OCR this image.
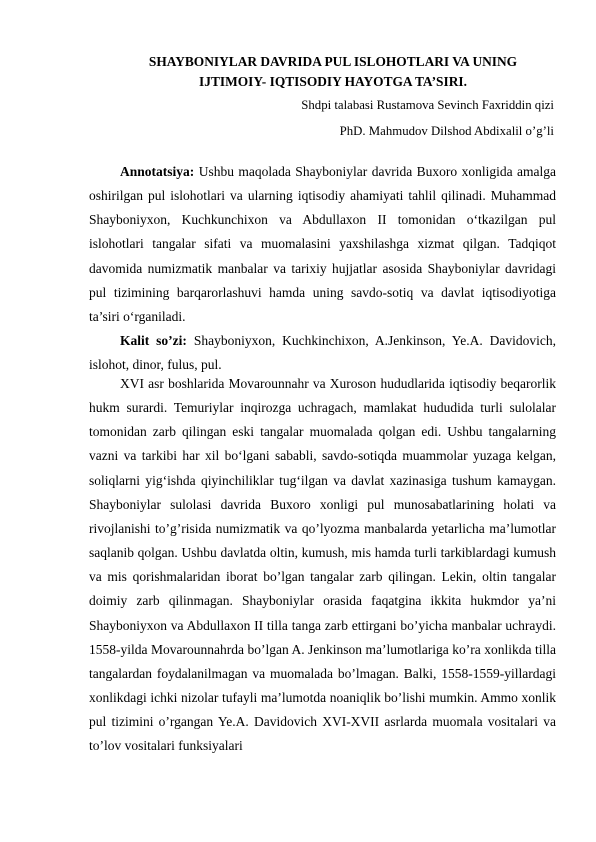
SHAYBONIYLAR DAVRIDA PUL ISLOHOTLARI VA UNING

IJTIMOIY- IQTISODIY HAYOTGA TA’SIRI.

Shdpi talabasi Rustamova Sevinch Faxriddin qizi

PhD. Mahmudov Dilshod Abdixalil o’g’li

Annotatsiya: Ushbu maqolada Shayboniylar davrida Buxoro xonligida amalga oshirilgan pul islohotlari va ularning iqtisodiy ahamiyati tahlil qilinadi. Muhammad Shayboniyxon, Kuchkunchixon va Abdullaxon II tomonidan o‘tkazilgan pul islohotlari tangalar sifati va muomalasini yaxshilashga xizmat qilgan. Tadqiqot davomida numizmatik manbalar va tarixiy hujjatlar asosida Shayboniylar davridagi pul tizimining barqarorlashuvi hamda uning savdo-sotiq va davlat iqtisodiyotiga ta’siri o‘rganiladi.

Kalit so’zi: Shayboniyxon, Kuchkinchixon, A.Jenkinson, Ye.A. Davidovich, islohot, dinor, fulus, pul.

XVI asr boshlarida Movarounnahr va Xuroson hududlarida iqtisodiy beqarorlik hukm surardi. Temuriylar inqirozga uchragach, mamlakat hududida turli sulolalar tomonidan zarb qilingan eski tangalar muomalada qolgan edi. Ushbu tangalarning vazni va tarkibi har xil bo‘lgani sababli, savdo-sotiqda muammolar yuzaga kelgan, soliqlarni yig‘ishda qiyinchiliklar tug‘ilgan va davlat xazinasiga tushum kamaygan. Shayboniylar sulolasi davrida Buxoro xonligi pul munosabatlarining holati va rivojlanishi to’g’risida numizmatik va qo’lyozma manbalarda yetarlicha ma’lumotlar saqlanib qolgan. Ushbu davlatda oltin, kumush, mis hamda turli tarkiblardagi kumush va mis qorishmalaridan iborat bo’lgan tangalar zarb qilingan. Lekin, oltin tangalar doimiy zarb qilinmagan. Shayboniylar orasida faqatgina ikkita hukmdor ya’ni Shayboniyxon va Abdullaxon II tilla tanga zarb ettirgani bo’yicha manbalar uchraydi. 1558-yilda Movarounnahrda bo’lgan A. Jenkinson ma’lumotlariga ko’ra xonlikda tilla tangalardan foydalanilmagan va muomalada bo’lmagan. Balki, 1558-1559-yillardagi xonlikdagi ichki nizolar tufayli ma’lumotda noaniqlik bo’lishi mumkin. Ammo xonlik pul tizimini o’rgangan Ye.A. Davidovich XVI-XVII asrlarda muomala vositalari va to’lov vositalari funksiyalari
